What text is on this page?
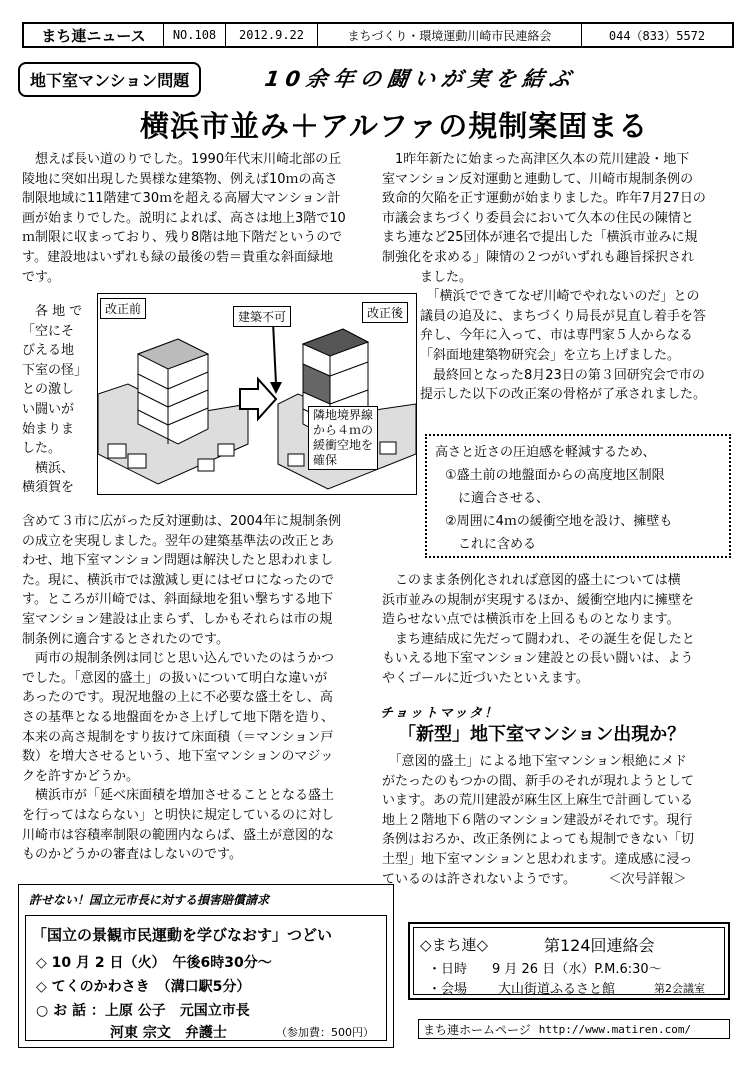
まち連ニュース	NO.108	2012.9.22	まちづくり・環境運動川崎市民連絡会	044（833）5572
地下室マンション問題	10余年の闘いが実を結ぶ
横浜市並み＋アルファの規制案固まる

　想えば長い道のりでした。1990年代末川崎北部の丘

陵地に突如出現した異様な建築物、例えば10ｍの高さ

制限地域に11階建て30ｍを超える高層大マンション計

画が始まりでした。説明によれば、高さは地上3階で10

ｍ制限に収まっており、残り8階は地下階だというので

す。建設地はいずれも緑の最後の砦＝貴重な斜面緑地

です。

　各 地 で

「空にそ

びえる地

下室の怪」

との激し

い闘いが

始まりま

した。

　横浜、

横須賀を

改正前	改正後
建築不可
隣地境界線
から４ｍの
緩衝空地を
確保

含めて３市に広がった反対運動は、2004年に規制条例

の成立を実現しました。翌年の建築基準法の改正とあ

わせ、地下室マンション問題は解決したと思われまし

た。現に、横浜市では激減し更にはゼロになったので

す。ところが川崎では、斜面緑地を狙い撃ちする地下

室マンション建設は止まらず、しかもそれらは市の規

制条例に適合するとされたのです。

　両市の規制条例は同じと思い込んでいたのはうかつ

でした。「意図的盛土」の扱いについて明白な違いが

あったのです。現況地盤の上に不必要な盛土をし、高

さの基準となる地盤面をかさ上げして地下階を造り、

本来の高さ規制をすり抜けて床面積（＝マンション戸

数）を増大させるという、地下室マンションのマジッ

クを許すかどうか。

　横浜市が「延べ床面積を増加させることとなる盛土

を行ってはならない」と明快に規定しているのに対し

川崎市は容積率制限の範囲内ならば、盛土が意図的な

ものかどうかの審査はしないのです。

　1昨年新たに始まった高津区久本の荒川建設・地下

室マンション反対運動と連動して、川崎市規制条例の

致命的欠陥を正す運動が始まりました。昨年7月27日の

市議会まちづくり委員会において久本の住民の陳情と

まち連など25団体が連名で提出した「横浜市並みに規

制強化を求める」陳情の２つがいずれも趣旨採択され

ました。

　「横浜でできてなぜ川崎でやれないのだ」との

議員の追及に、まちづくり局長が見直し着手を答

弁し、今年に入って、市は専門家５人からなる

「斜面地建築物研究会」を立ち上げました。

　最終回となった8月23日の第３回研究会で市の

提示した以下の改正案の骨格が了承されました。

高さと近さの圧迫感を軽減するため、

①盛土前の地盤面からの高度地区制限

　に適合させる、

②周囲に4ｍの緩衝空地を設け、擁壁も

　これに含める

　このまま条例化されれば意図的盛土については横

浜市並みの規制が実現するほか、緩衝空地内に擁壁を

造らせない点では横浜市を上回るものとなります。

　まち連結成に先だって闘われ、その誕生を促したと

もいえる地下室マンション建設との長い闘いは、よう

やくゴールに近づいたといえます。

チョットマッタ！
「新型」地下室マンション出現か？

　「意図的盛土」による地下室マンション根絶にメド

がたったのもつかの間、新手のそれが現れようとして

います。あの荒川建設が麻生区上麻生で計画している

地上２階地下６階のマンション建設がそれです。現行

条例はおろか、改正条例によっても規制できない「切

土型」地下室マンションと思われます。達成感に浸っ

ているのは許されないようです。　　　＜次号詳報＞

許せない！国立元市長に対する損害賠償請求
「国立の景観市民運動を学びなおす」つどい
◇ 10 月 2 日（火）　午後6時30分～
◇ てくのかわさき　（溝口駅5分）
○ お 話 ：上原 公子　元国立市長
河東 宗文　弁護士	（参加費：500円）
◇まち連◇	第124回連絡会
・日時 9 月 26 日（水）P.M.6:30～
・会場 大山街道ふるさと館	第2会議室
まち連ホームページ http://www.matiren.com/
